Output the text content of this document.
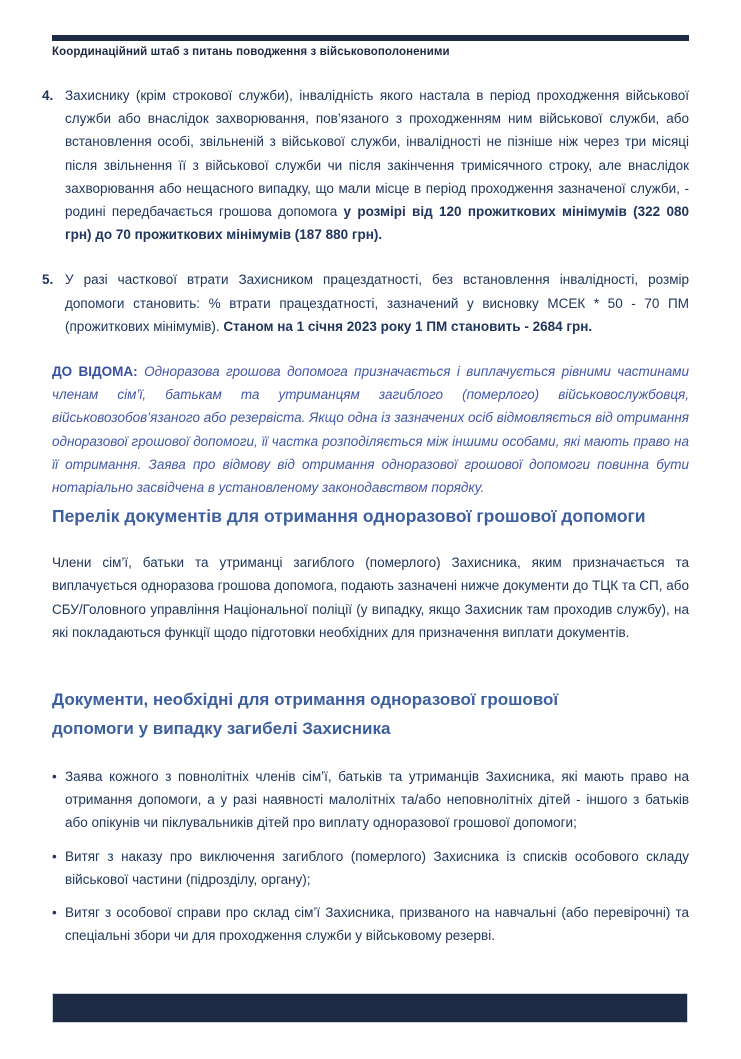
Координаційний штаб з питань поводження з військовополоненими
4. Захиснику (крім строкової служби), інвалідність якого настала в період проходження військової служби або внаслідок захворювання, пов’язаного з проходженням ним військової служби, або встановлення особі, звільненій з військової служби, інвалідності не пізніше ніж через три місяці після звільнення її з військової служби чи після закінчення тримісячного строку, але внаслідок захворювання або нещасного випадку, що мали місце в період проходження зазначеної служби, - родині передбачається грошова допомога у розмірі від 120 прожиткових мінімумів (322 080 грн) до 70 прожиткових мінімумів (187 880 грн).
5. У разі часткової втрати Захисником працездатності, без встановлення інвалідності, розмір допомоги становить: % втрати працездатності, зазначений у висновку МСЕК * 50 - 70 ПМ (прожиткових мінімумів). Станом на 1 січня 2023 року 1 ПМ становить - 2684 грн.
ДО ВІДОМА: Одноразова грошова допомога призначається і виплачується рівними частинами членам сім’ї, батькам та утриманцям загиблого (померлого) військовослужбовця, військовозобов’язаного або резервіста. Якщо одна із зазначених осіб відмовляється від отримання одноразової грошової допомоги, її частка розподіляється між іншими особами, які мають право на її отримання. Заява про відмову від отримання одноразової грошової допомоги повинна бути нотаріально засвідчена в установленому законодавством порядку.
Перелік документів для отримання одноразової грошової допомоги
Члени сім’ї, батьки та утриманці загиблого (померлого) Захисника, яким призначається та виплачується одноразова грошова допомога, подають зазначені нижче документи до ТЦК та СП, або СБУ/Головного управління Національної поліції (у випадку, якщо Захисник там проходив службу), на які покладаються функції щодо підготовки необхідних для призначення виплати документів.
Документи, необхідні для отримання одноразової грошової допомоги у випадку загибелі Захисника
• Заява кожного з повнолітніх членів сім’ї, батьків та утриманців Захисника, які мають право на отримання допомоги, а у разі наявності малолітніх та/або неповнолітніх дітей - іншого з батьків або опікунів чи піклувальників дітей про виплату одноразової грошової допомоги;
• Витяг з наказу про виключення загиблого (померлого) Захисника із списків особового складу військової частини (підрозділу, органу);
• Витяг з особової справи про склад сім’ї Захисника, призваного на навчальні (або перевірочні) та спеціальні збори чи для проходження служби у військовому резерві.
